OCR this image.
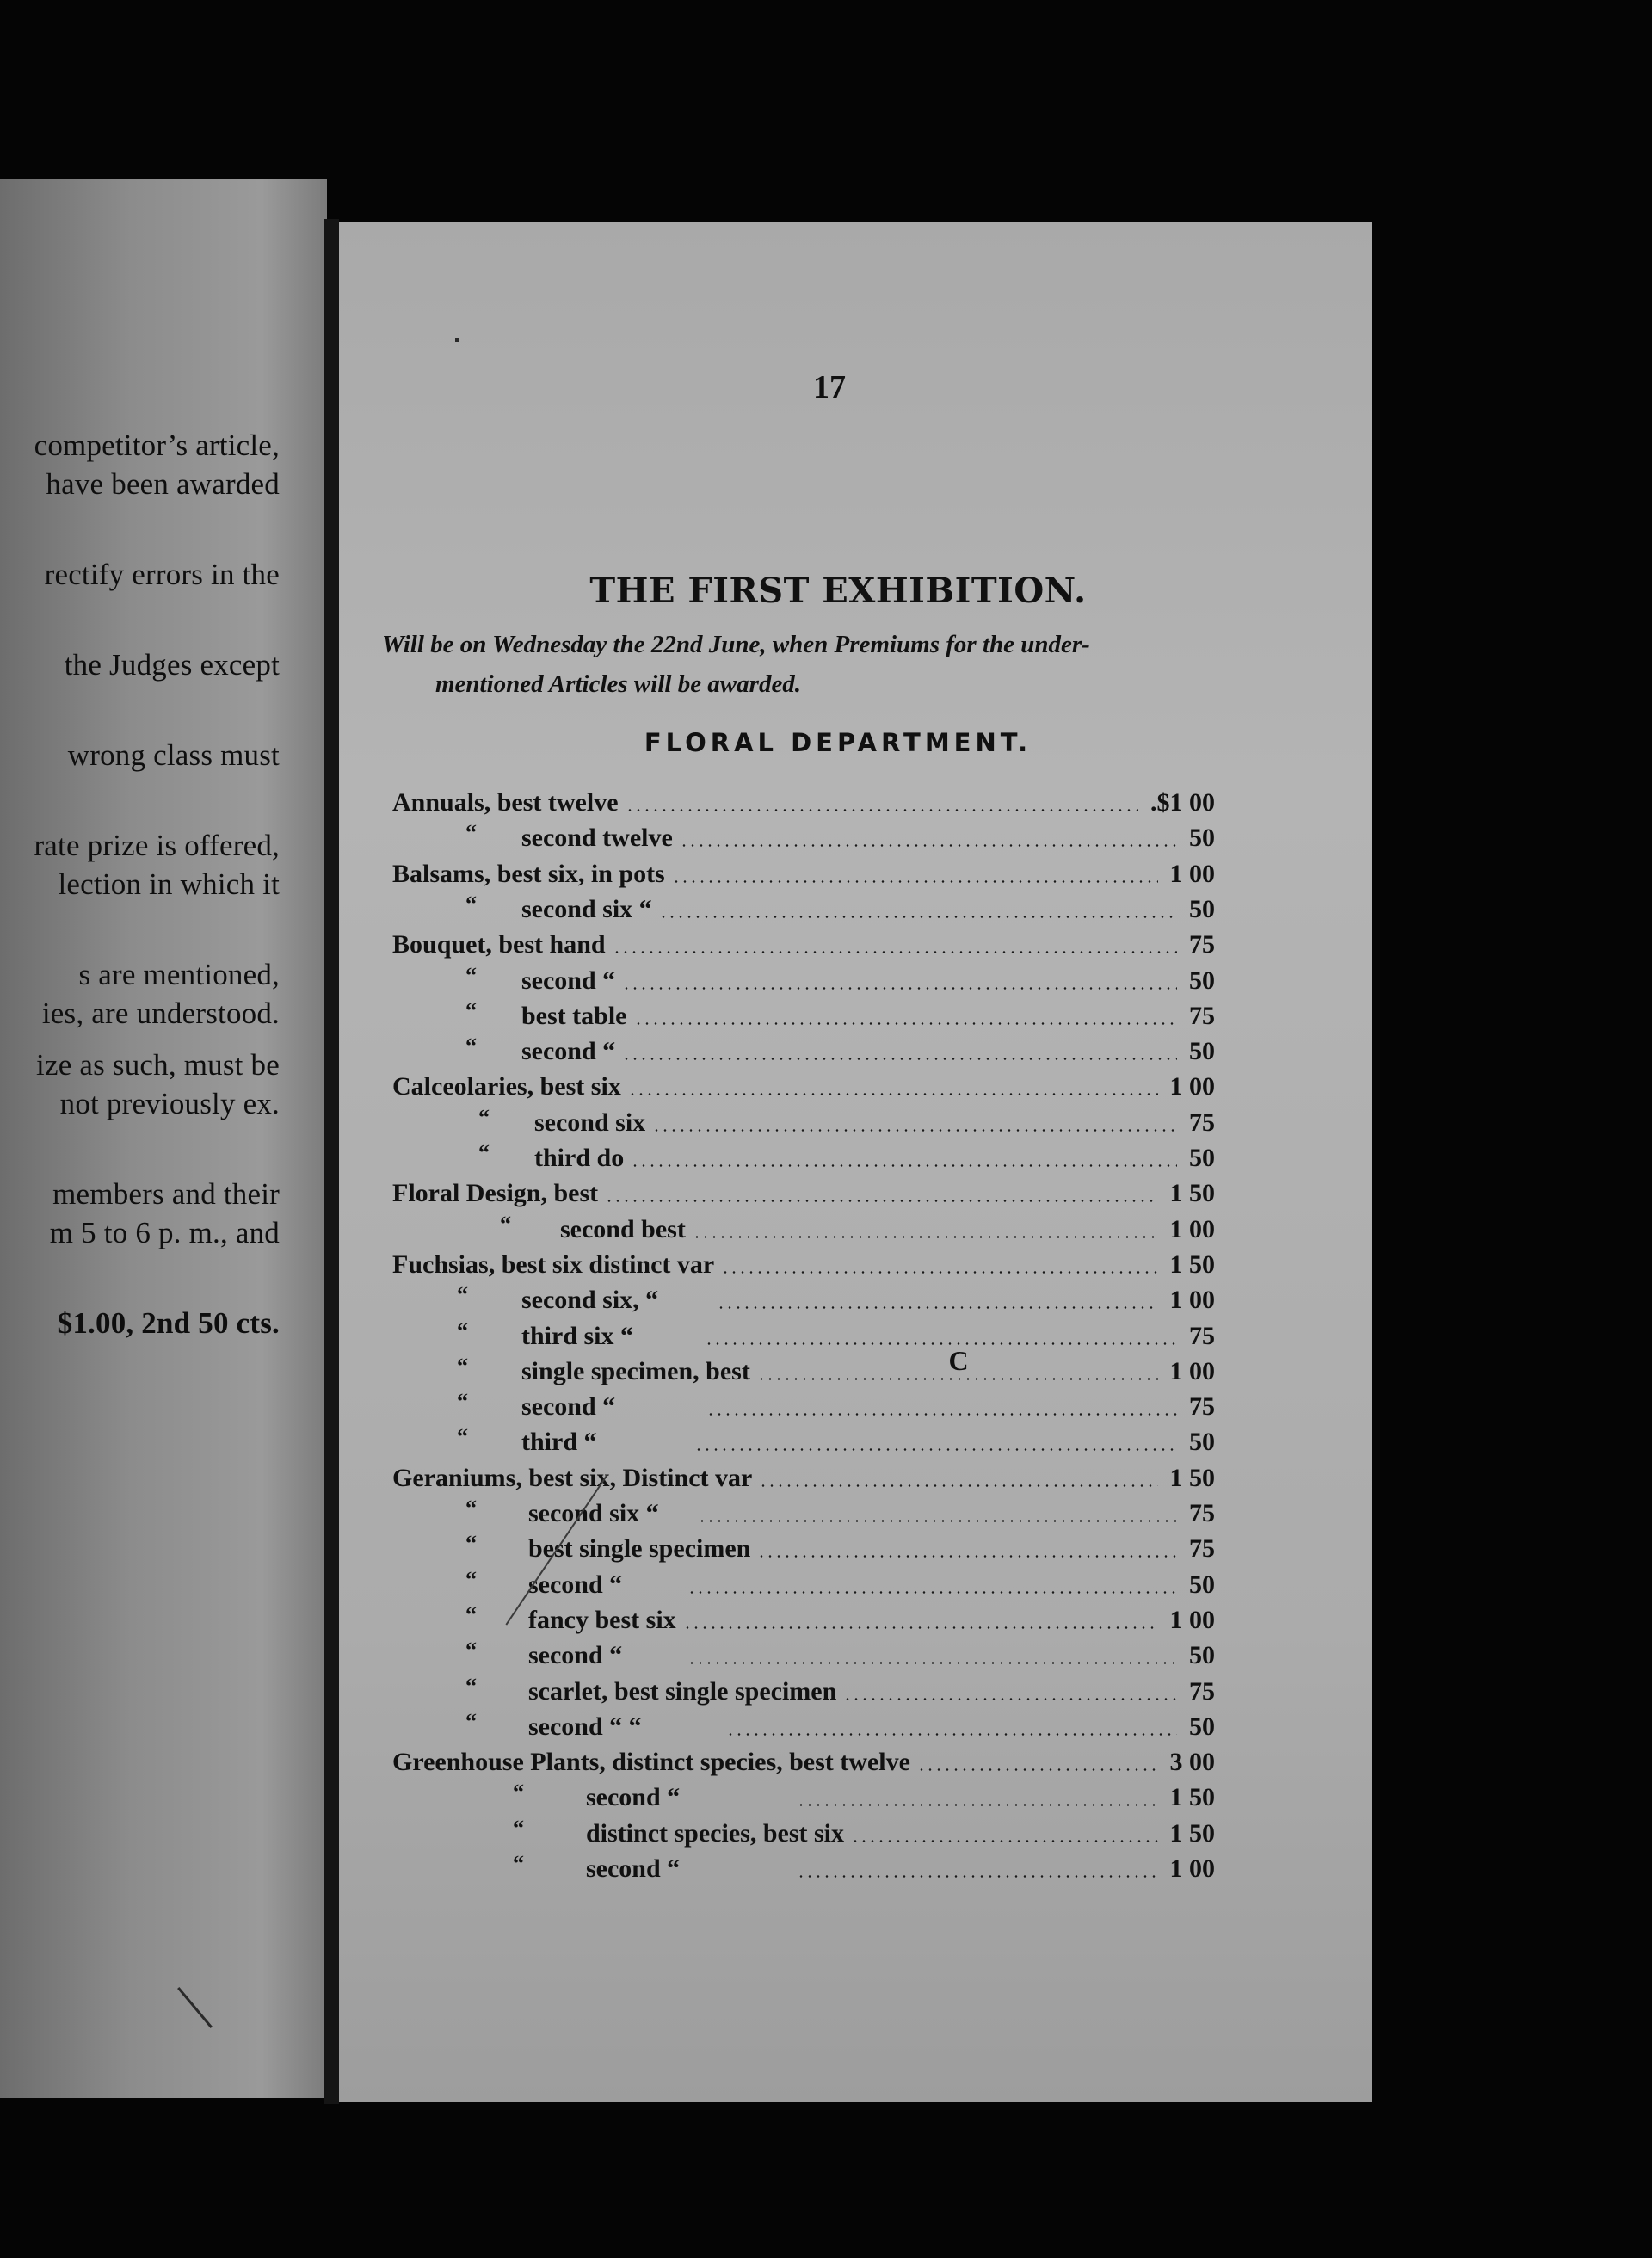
competitor’s article,
have been awarded
rectify errors in the
the Judges except
wrong class must
rate prize is offered,
lection in which it
s are mentioned,
ies, are understood.
ize as such, must be
not previously ex.
members and their
m 5 to 6 p. m., and
$1.00, 2nd 50 cts.
17
THE FIRST EXHIBITION.
Will be on Wednesday the 22nd June, when Premiums for the under-
mentioned Articles will be awarded.
FLORAL DEPARTMENT.
Annuals, best twelve	.$1 00
“ second twelve	50
Balsams, best six, in pots	1 00
“ second six “	50
Bouquet, best hand	75
“ second “	50
“ best table	75
“ second “	50
Calceolaries, best six	1 00
“ second six	75
“ third do	50
Floral Design, best	1 50
“ second best	1 00
Fuchsias, best six distinct var	1 50
“ second six, “	1 00
“ third six “	75
“ single specimen, best	1 00
“ second “	75
“ third “	50
Geraniums, best six, Distinct var	1 50
“ second six “	75
“ best single specimen	75
“ second “	50
“ fancy best six	1 00
“ second “	50
“ scarlet, best single specimen	75
“ second “ “	50
Greenhouse Plants, distinct species, best twelve	3 00
“ second “	1 50
“ distinct species, best six	1 50
“ second “	1 00
C
